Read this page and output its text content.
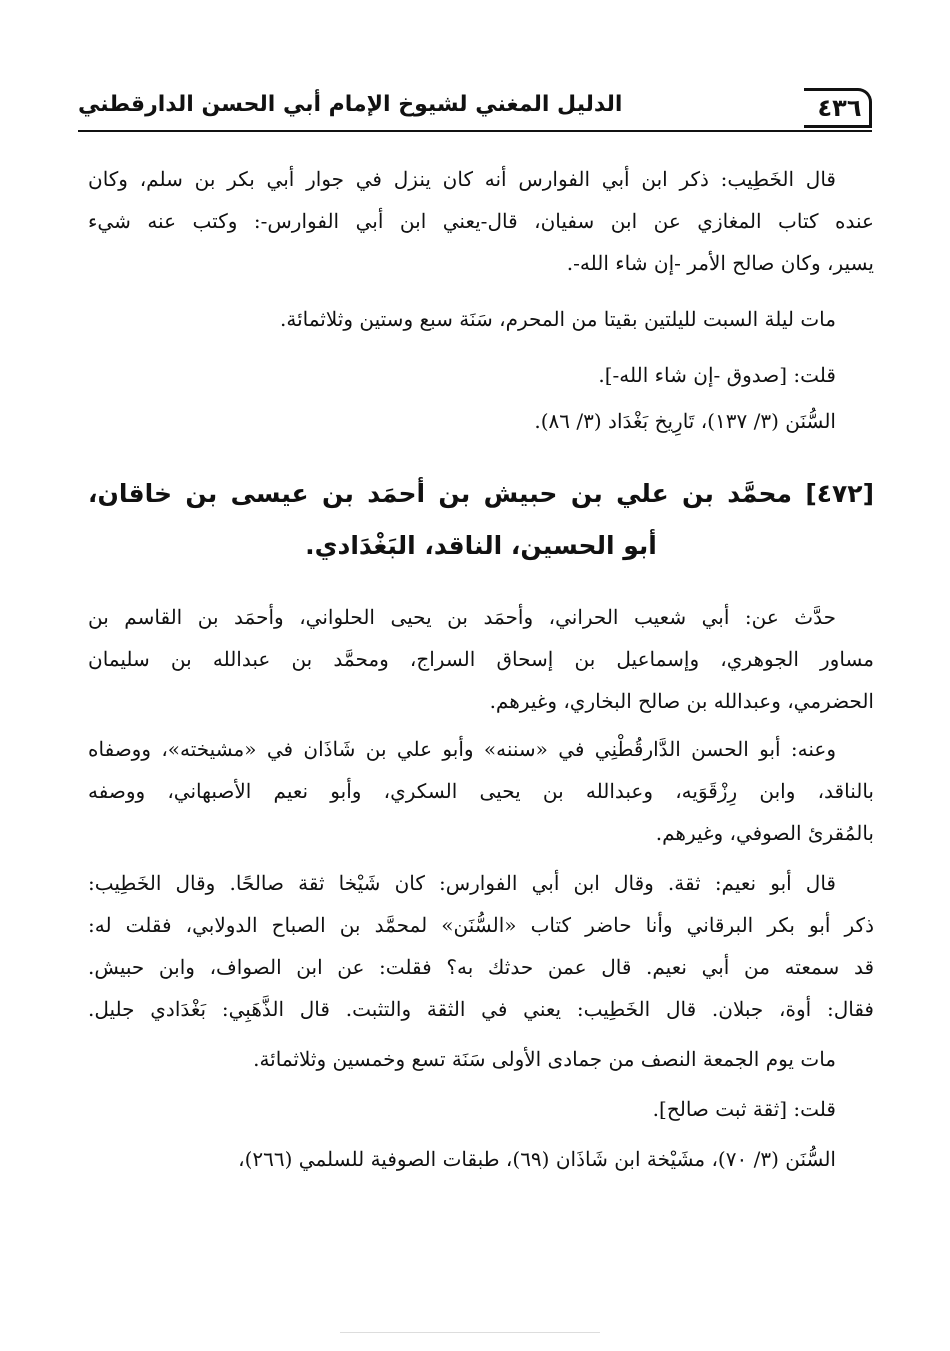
٤٣٦
الدليل المغني لشيوخ الإمام أبي الحسن الدارقطني
قال الخَطِيب: ذكر ابن أبي الفوارس أنه كان ينزل في جوار أبي بكر بن سلم، وكان
عنده كتاب المغازي عن ابن سفيان، قال-يعني ابن أبي الفوارس-: وكتب عنه شيء
يسير، وكان صالح الأمر -إن شاء الله-.
مات ليلة السبت لليلتين بقيتا من المحرم، سَنَة سبع وستين وثلاثمائة.
قلت: [صدوق -إن شاء الله-].
السُّنَن (٣/ ١٣٧)، تَارِيخ بَغْدَاد (٣/ ٨٦).

[٤٧٢] محمَّد بن علي بن حبيش بن أحمَد بن عيسى بن خاقان،

أبو الحسين، الناقد، البَغْدَادي.

حدَّث عن: أبي شعيب الحراني، وأحمَد بن يحيى الحلواني، وأحمَد بن القاسم بن
مساور الجوهري، وإسماعيل بن إسحاق السراج، ومحمَّد بن عبدالله بن سليمان
الحضرمي، وعبدالله بن صالح البخاري، وغيرهم.
وعنه: أبو الحسن الدَّارقُطْنِي في «سننه» وأبو علي بن شَاذَان في «مشيخته»، ووصفاه
بالناقد، وابن رِزْقَوَيه، وعبدالله بن يحيى السكري، وأبو نعيم الأصبهاني، ووصفه
بالمُقرئ الصوفي، وغيرهم.
قال أبو نعيم: ثقة. وقال ابن أبي الفوارس: كان شَيْخا ثقة صالحًا. وقال الخَطِيب:
ذكر أبو بكر البرقاني وأنا حاضر كتاب «السُّنَن» لمحمَّد بن الصباح الدولابي، فقلت له:
قد سمعته من أبي نعيم. قال عمن حدثك به؟ فقلت: عن ابن الصواف، وابن حبيش.
فقال: أوة، جبلان. قال الخَطِيب: يعني في الثقة والتثبت. قال الذَّهَبِي: بَغْدَادي جليل.
مات يوم الجمعة النصف من جمادى الأولى سَنَة تسع وخمسين وثلاثمائة.
قلت: [ثقة ثبت صالح].
السُّنَن (٣/ ٧٠)، مشَيْخة ابن شَاذَان (٦٩)، طبقات الصوفية للسلمي (٢٦٦)،
